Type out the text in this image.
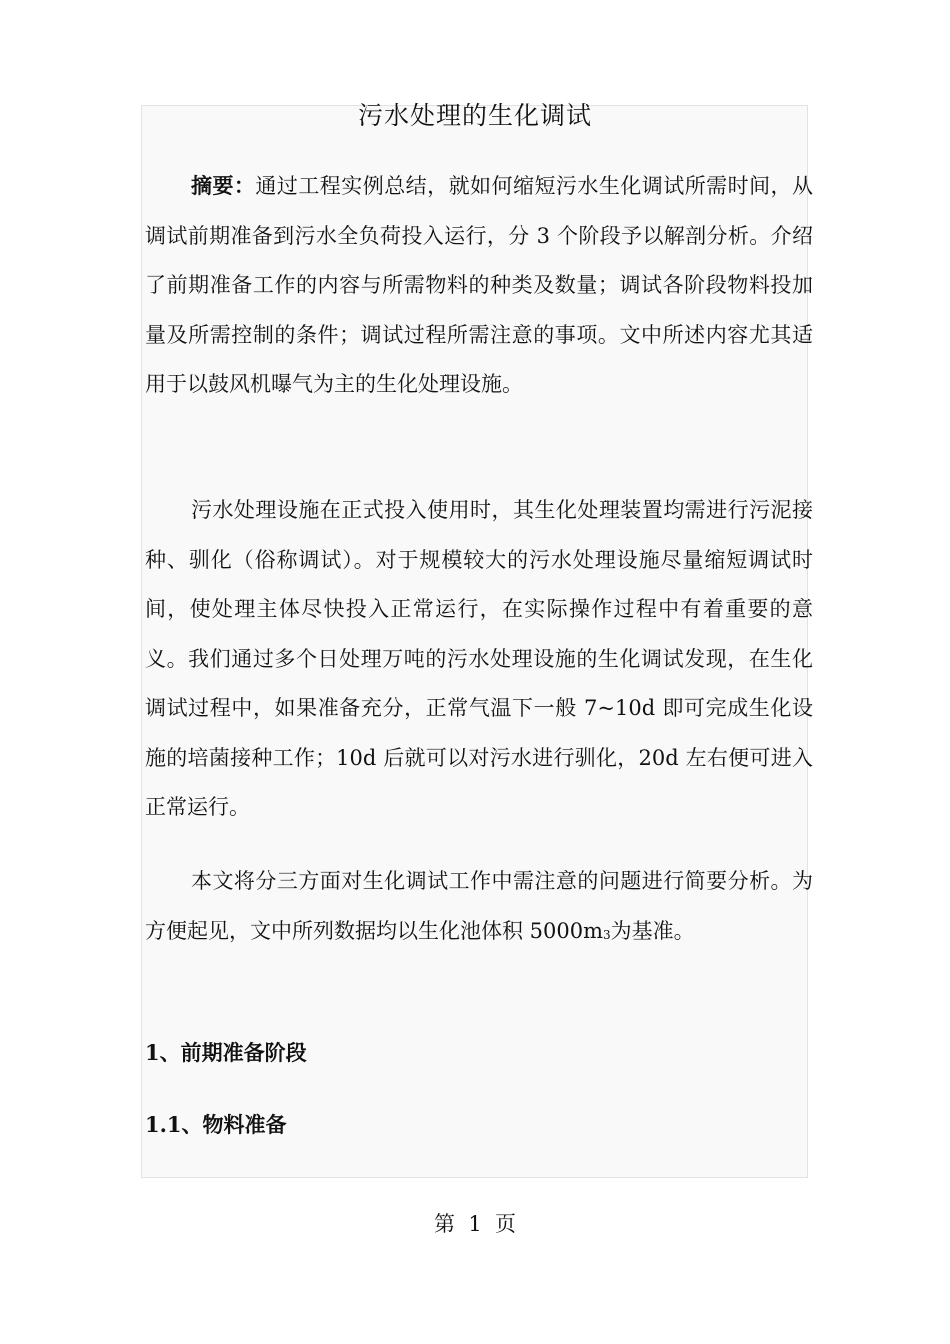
污水处理的生化调试

摘要：通过工程实例总结，就如何缩短污水生化调试所需时间，从调试前期准备到污水全负荷投入运行，分 3 个阶段予以解剖分析。介绍了前期准备工作的内容与所需物料的种类及数量；调试各阶段物料投加量及所需控制的条件；调试过程所需注意的事项。文中所述内容尤其适用于以鼓风机曝气为主的生化处理设施。

污水处理设施在正式投入使用时，其生化处理装置均需进行污泥接种、驯化（俗称调试）。对于规模较大的污水处理设施尽量缩短调试时间，使处理主体尽快投入正常运行，在实际操作过程中有着重要的意义。我们通过多个日处理万吨的污水处理设施的生化调试发现，在生化调试过程中，如果准备充分，正常气温下一般 7~10d 即可完成生化设施的培菌接种工作；10d 后就可以对污水进行驯化，20d 左右便可进入正常运行。

本文将分三方面对生化调试工作中需注意的问题进行简要分析。为方便起见，文中所列数据均以生化池体积 $5000m_3$为基准。

1、前期准备阶段

1.1、物料准备

第  1  页
